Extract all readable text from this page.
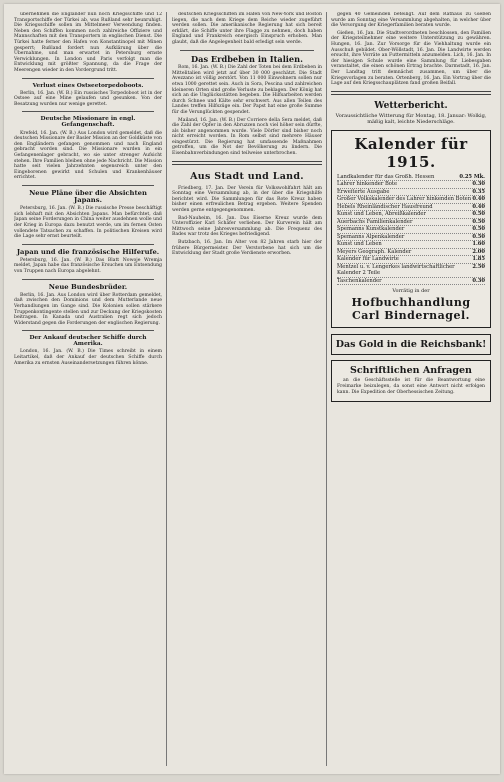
übernehmen die Engländer nun noch Kriegsschiffe und 12 Transportschiffe der Türkei ab, was Rußland sehr beunruhigt. Die Kriegsschiffe sollen im Mittelmeer Verwendung finden. Neben den Schiffen kommen noch zahlreiche Offiziere und Mannschaften mit den Transportern in englischen Dienst. Die Türkei hatte ferner den Hafen von Konstantinopel mit Minen gesperrt; Rußland fordert nun Aufklärung über die Übernahme, und man erwartet in Petersburg ernste Verwicklungen. In London und Paris verfolgt man die Entwicklung mit größter Spannung, da die Frage der Meerengen wieder in den Vordergrund tritt.

Verlust eines Ostseetorpedoboots.

Berlin, 16. Jan. (W. B.) Ein russisches Torpedoboot ist in der Ostsee auf eine Mine gelaufen und gesunken. Von der Besatzung wurden nur wenige gerettet.

Deutsche Missionare in engl. Gefangenschaft.

Krefeld, 16. Jan. (W. B.) Aus London wird gemeldet, daß die deutschen Missionare der Basler Mission an der Goldküste von den Engländern gefangen genommen und nach England gebracht worden sind. Die Missionare wurden in ein Gefangenenlager gebracht, wo sie unter strenger Aufsicht stehen. Ihre Familien bleiben ohne jede Nachricht. Die Mission hatte seit vielen Jahrzehnten segensreich unter den Eingeborenen gewirkt und Schulen und Krankenhäuser errichtet.

Neue Pläne über die Absichten Japans.

Petersburg, 16. Jan. (W. B.) Die russische Presse beschäftigt sich lebhaft mit den Absichten Japans. Man befürchtet, daß Japan seine Forderungen in China weiter ausdehnen wolle und der Krieg in Europa dazu benutzt werde, um im fernen Osten vollendete Tatsachen zu schaffen. In politischen Kreisen wird die Lage sehr ernst beurteilt.

Japan und die französische Hilferufe.

Petersburg, 16. Jan. (W. B.) Das Blatt Nowoje Wremja meldet, Japan habe das französische Ersuchen um Entsendung von Truppen nach Europa abgelehnt.

Neue Bundesbrüder.

Berlin, 16. Jan. Aus London wird über Rotterdam gemeldet, daß zwischen den Dominions und dem Mutterlande neue Verhandlungen im Gange sind. Die Kolonien sollen stärkere Truppenkontingente stellen und zur Deckung der Kriegskosten beitragen. In Kanada und Australien regt sich jedoch Widerstand gegen die Forderungen der englischen Regierung.

Der Ankauf deutscher Schiffe durch Amerika.

London, 16. Jan. (W. B.) Die Times schreibt in einem Leitartikel, daß der Ankauf der deutschen Schiffe durch Amerika zu ernsten Auseinandersetzungen führen könne.

deutschen Kriegsschiffen im Hafen von New-York und Boston liegen, die nach dem Kriege dem Reiche wieder zugeführt werden sollen. Die amerikanische Regierung hat sich bereit erklärt, die Schiffe unter ihre Flagge zu nehmen, doch haben England und Frankreich energisch Einspruch erhoben. Man glaubt, daß die Angelegenheit bald erledigt sein werde.

Das Erdbeben in Italien.

Rom, 16. Jan. (W. B.) Die Zahl der Toten bei dem Erdbeben in Mittelitalien wird jetzt auf über 30 000 geschätzt. Die Stadt Avezzano ist völlig zerstört. Von 11 000 Einwohnern sollen nur etwa 1000 gerettet sein. Auch in Sora, Pescina und zahlreichen kleineren Orten sind große Verluste zu beklagen. Der König hat sich an die Unglücksstätten begeben. Die Hilfsarbeiten werden durch Schnee und Kälte sehr erschwert. Aus allen Teilen des Landes treffen Hilfszüge ein. Der Papst hat eine große Summe für die Verunglückten gespendet.

Mailand, 16. Jan. (W. B.) Der Corriere della Sera meldet, daß die Zahl der Opfer in den Abruzzen noch viel höher sein dürfte, als bisher angenommen wurde. Viele Dörfer sind bisher noch nicht erreicht worden. In Rom selbst sind mehrere Häuser eingestürzt. Die Regierung hat umfassende Maßnahmen getroffen, um die Not der Bevölkerung zu lindern. Die Eisenbahnverbindungen sind teilweise unterbrochen.

Aus Stadt und Land.

Friedberg, 17. Jan. Der Verein für Volkswohlfahrt hält am Sonntag eine Versammlung ab, in der über die Kriegshilfe berichtet wird. Die Sammlungen für das Rote Kreuz haben bisher einen erfreulichen Betrag ergeben. Weitere Spenden werden gerne entgegengenommen.

Bad-Nauheim, 16. Jan. Das Eiserne Kreuz wurde dem Unteroffizier Karl Schäfer verliehen. Der Kurverein hält am Mittwoch seine Jahresversammlung ab. Die Frequenz des Bades war trotz des Krieges befriedigend.

Butzbach, 16. Jan. Im Alter von 82 Jahren starb hier der frühere Bürgermeister. Der Verstorbene hat sich um die Entwicklung der Stadt große Verdienste erworben.

gegen 40 Gemeinden beteiligt. Auf dem Rathaus zu Gießen wurde am Sonntag eine Versammlung abgehalten, in welcher über die Versorgung der Kriegerfamilien beraten wurde.

Gießen, 16. Jan. Die Stadtverordneten beschlossen, den Familien der Kriegsteilnehmer eine weitere Unterstützung zu gewähren. Hungen, 16. Jan. Zur Vorsorge für die Viehhaltung wurde ein Ausschuß gebildet. Ober-Wöllstadt, 16. Jan. Die Landwirte werden ersucht, ihre Vorräte an Futtermitteln anzumelden. Lich, 16. Jan. In der hiesigen Schule wurde eine Sammlung für Liebesgaben veranstaltet, die einen schönen Ertrag brachte. Darmstadt, 16. Jan. Der Landtag tritt demnächst zusammen, um über die Kriegsvorlagen zu beraten. Ortenberg, 16. Jan. Ein Vortrag über die Lage auf den Kriegsschauplätzen fand großen Beifall.

Wetterbericht.
Voraussichtliche Witterung für Montag, 18. Januar: Wolkig, mäßig kalt, leichte Niederschläge.
Kalender für 1915.
Landkalender für das Großh. Hessen	0.25 Mk.
Lahrer hinkender Bote	0.30
Erweiterte Ausgabe	0.35
Großer Volkskalender des Lahrer hinkenden Boten 0.40
Hebels Rheinländischer Hausfreund	0.40
Kunst und Leben, Abreißkalender	0.50
Auerbachs Familienkalender	0.50
Spemanns Kunstkalender	0.50
Spemanns Alpenkalender	0.50
Kunst und Leben	1.60
Meyers Geograph. Kalender	2.00
Kalender für Landwirte	1.85
Mentzel u. v. Lengerkes landwirtschaftlicher Kalender 2 Teile
2.50
Taschenkalender	0.30
Vorrätig in der
Hofbuchhandlung Carl Bindernagel.
Das Gold in die Reichsbank!
Schriftlichen Anfragen

an die Geschäftsstelle ist für die Beantwortung eine Freimarke beizulegen, da sonst eine Antwort nicht erfolgen kann. Die Expedition der Oberhessischen Zeitung.
